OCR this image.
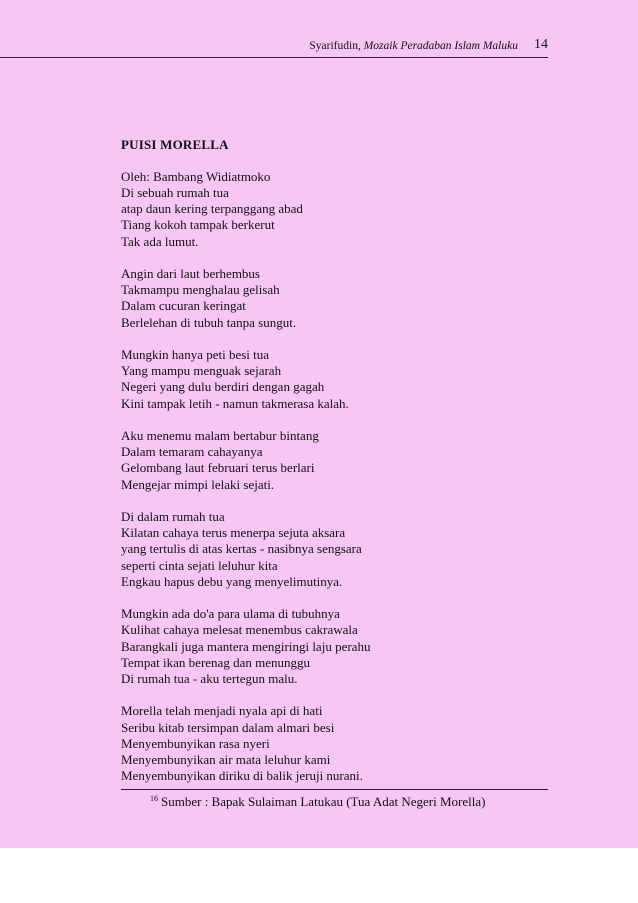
Syarifudin, Mozaik Peradaban Islam Maluku 14
PUISI MORELLA
Oleh: Bambang Widiatmoko
Di sebuah rumah tua
atap daun kering terpanggang abad
Tiang kokoh tampak berkerut
Tak ada lumut.
Angin dari laut berhembus
Takmampu menghalau gelisah
Dalam cucuran keringat
Berlelehan di tubuh tanpa sungut.
Mungkin hanya peti besi tua
Yang mampu menguak sejarah
Negeri yang dulu berdiri dengan gagah
Kini tampak letih - namun takmerasa kalah.
Aku menemu malam bertabur bintang
Dalam temaram cahayanya
Gelombang laut februari terus berlari
Mengejar mimpi lelaki sejati.
Di dalam rumah tua
Kilatan cahaya terus menerpa sejuta aksara
yang tertulis di atas kertas - nasibnya sengsara
seperti cinta sejati leluhur kita
Engkau hapus debu yang menyelimutinya.
Mungkin ada do'a para ulama di tubuhnya
Kulihat cahaya melesat menembus cakrawala
Barangkali juga mantera mengiringi laju perahu
Tempat ikan berenag dan menunggu
Di rumah tua - aku tertegun malu.
Morella telah menjadi nyala api di hati
Seribu kitab tersimpan dalam almari besi
Menyembunyikan rasa nyeri
Menyembunyikan air mata leluhur kami
Menyembunyikan diriku di balik jeruji nurani.
$^{16}$ Sumber : Bapak Sulaiman Latukau (Tua Adat Negeri Morella)
